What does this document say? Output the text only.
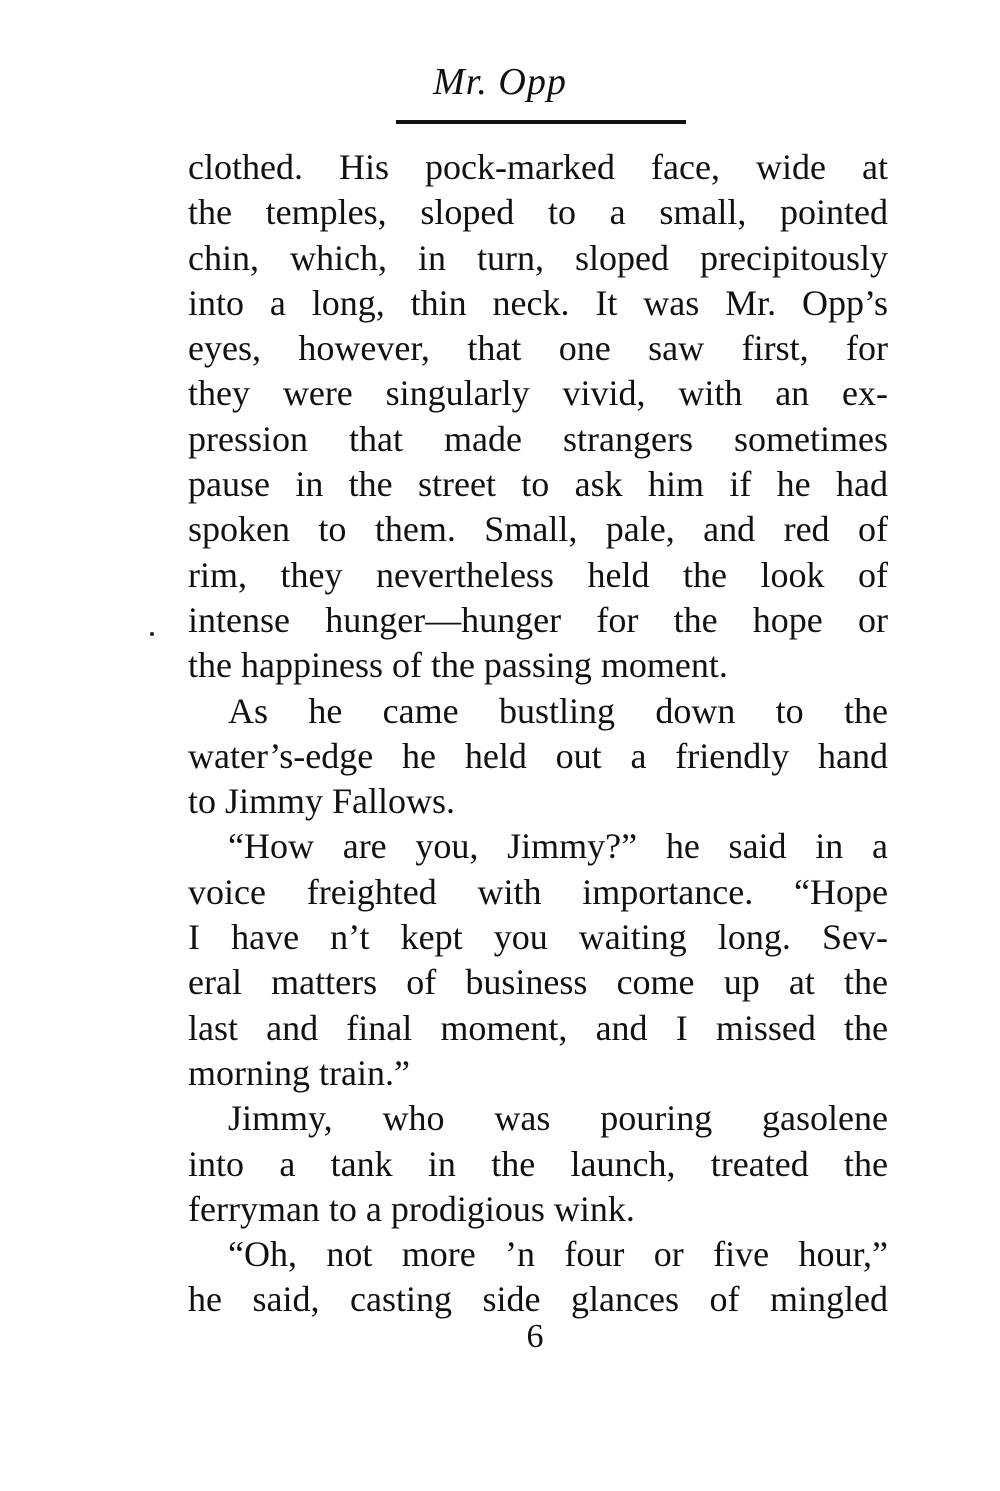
Mr. Opp
clothed. His pock-marked face, wide at
the temples, sloped to a small, pointed
chin, which, in turn, sloped precipitously
into a long, thin neck. It was Mr. Opp’s
eyes, however, that one saw first, for
they were singularly vivid, with an ex-
pression that made strangers sometimes
pause in the street to ask him if he had
spoken to them. Small, pale, and red of
rim, they nevertheless held the look of
intense hunger—hunger for the hope or
the happiness of the passing moment.
As he came bustling down to the
water’s-edge he held out a friendly hand
to Jimmy Fallows.
“How are you, Jimmy?” he said in a
voice freighted with importance. “Hope
I have n’t kept you waiting long. Sev-
eral matters of business come up at the
last and final moment, and I missed the
morning train.”
Jimmy, who was pouring gasolene
into a tank in the launch, treated the
ferryman to a prodigious wink.
“Oh, not more ’n four or five hour,”
he said, casting side glances of mingled
6
